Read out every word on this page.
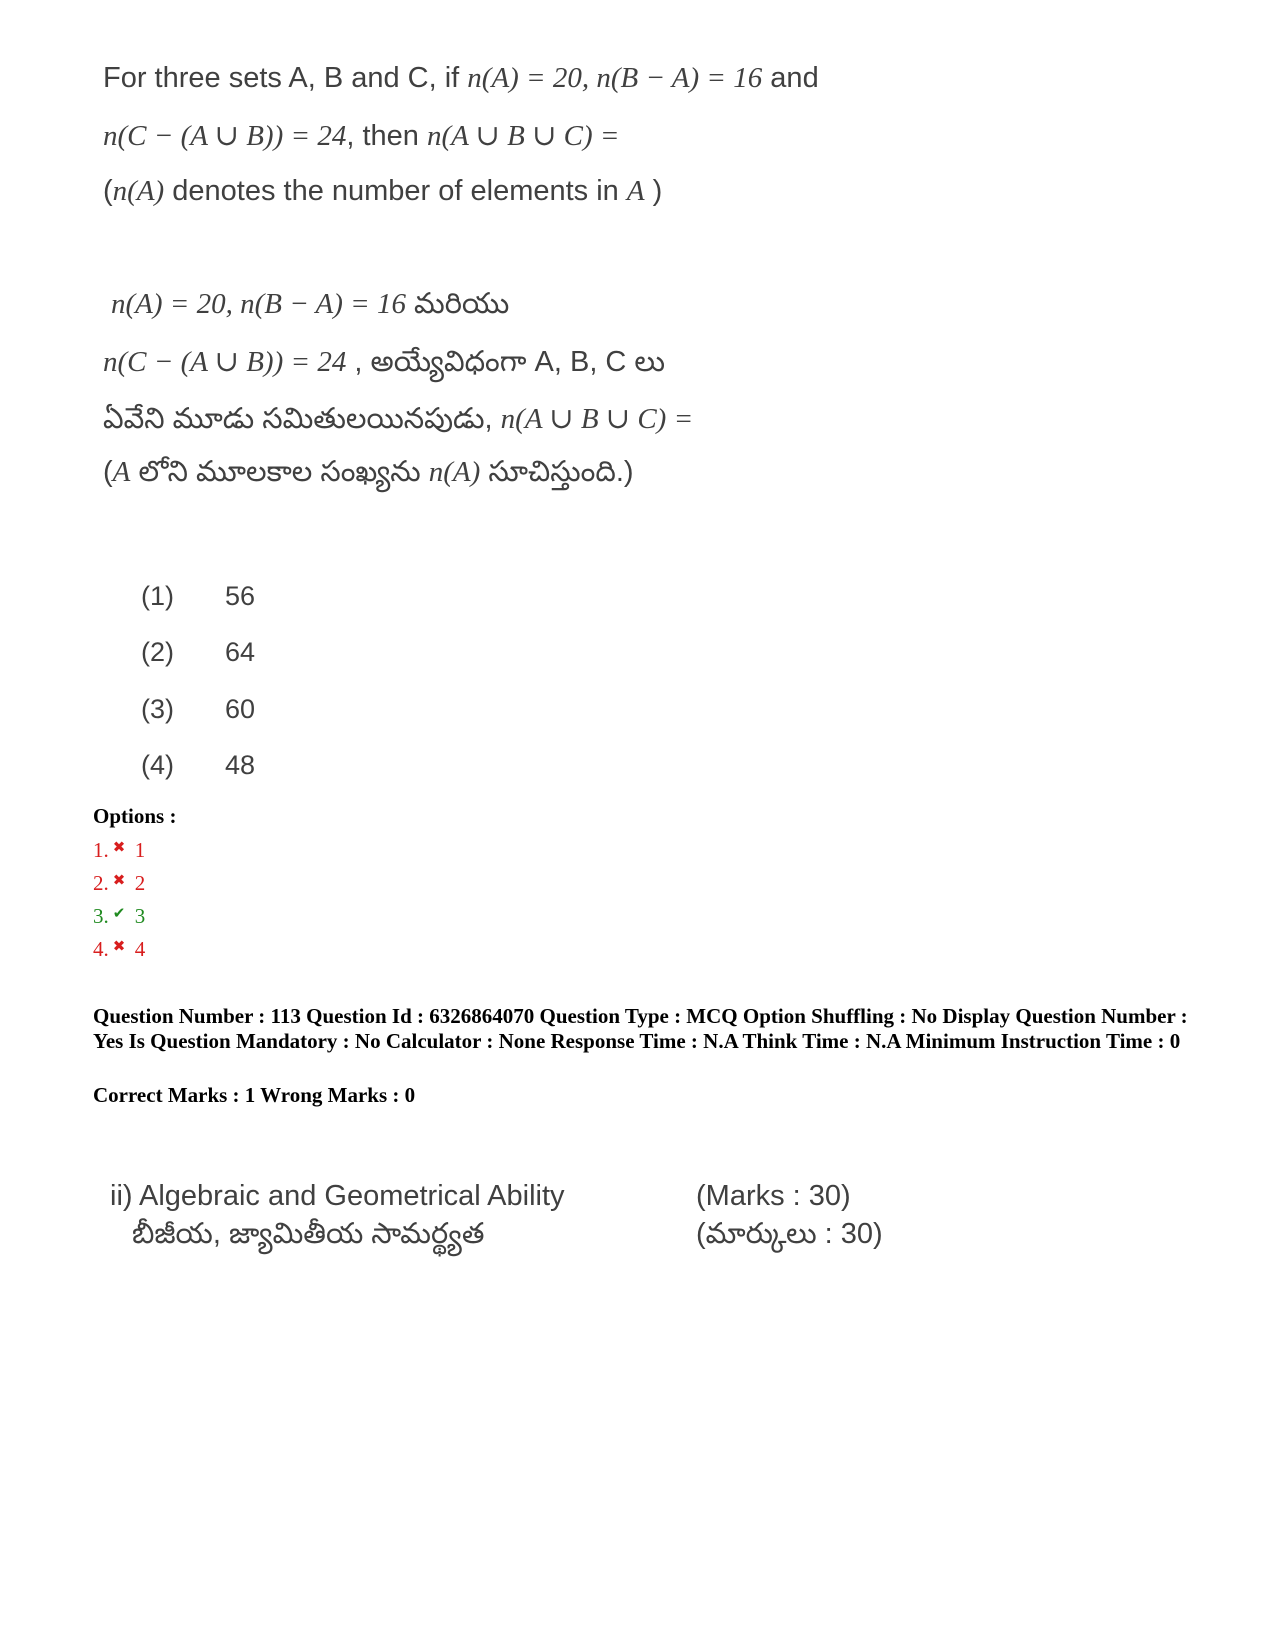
For three sets A, B and C, if n(A) = 20, n(B − A) = 16 and
n(C − (A ∪ B)) = 24, then n(A ∪ B ∪ C) =
(n(A) denotes the number of elements in A )
n(A) = 20, n(B − A) = 16 మరియు
n(C − (A ∪ B)) = 24 , అయ్యేవిధంగా A, B, C లు
ఏవేని మూడు సమితులయినపుడు, n(A ∪ B ∪ C) =
(A లోని మూలకాల సంఖ్యను n(A) సూచిస్తుంది.)
(1) 56
(2) 64
(3) 60
(4) 48
Options :
1. ✖ 1
2. ✖ 2
3. ✔ 3
4. ✖ 4
Question Number : 113 Question Id : 6326864070 Question Type : MCQ Option Shuffling : No Display Question Number : Yes Is Question Mandatory : No Calculator : None Response Time : N.A Think Time : N.A Minimum Instruction Time : 0
Correct Marks : 1 Wrong Marks : 0
ii) Algebraic and Geometrical Ability
బీజీయ, జ్యామితీయ సామర్థ్యత
(Marks : 30)
(మార్కులు : 30)
